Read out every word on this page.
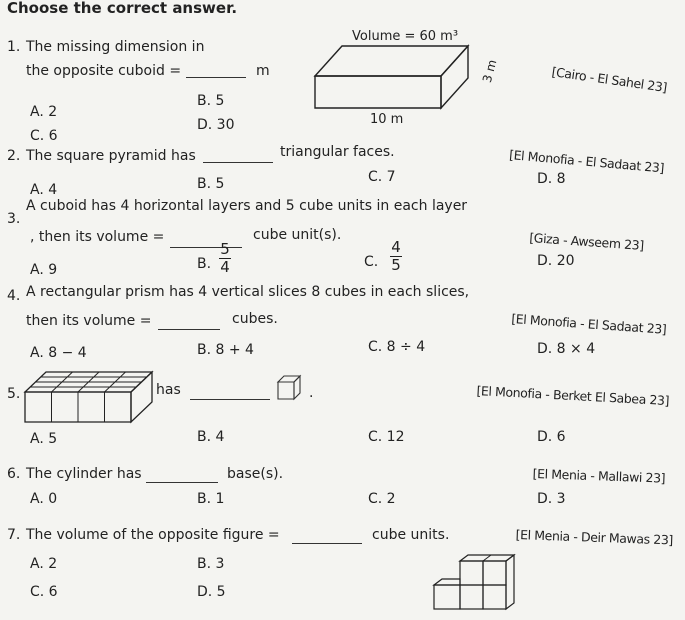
Choose the correct answer.
1. The missing dimension in
the opposite cuboid =	m	[Cairo - El Sahel 23]
Volume = 60 m³
3 m
10 m
A. 2
B. 5
C. 6
D. 30
2. The square pyramid has	triangular faces.	[El Monofia - El Sadaat 23]
A. 4	B. 5	C. 7	D. 8
3.
A cuboid has 4 horizontal layers and 5 cube units in each layer
, then its volume =	cube unit(s).	[Giza - Awseem 23]
A. 9	B.
5
4	C.
4
5	D. 20
4. A rectangular prism has 4 vertical slices 8 cubes in each slices,
then its volume =	cubes.	[El Monofia - El Sadaat 23]
A. 8 − 4	B. 8 + 4	C. 8 ÷ 4	D. 8 × 4
5.	has	.	[El Monofia - Berket El Sabea 23]
A. 5	B. 4	C. 12	D. 6
6. The cylinder has	base(s).	[El Menia - Mallawi 23]
A. 0	B. 1	C. 2	D. 3
7. The volume of the opposite figure =	cube units.	[El Menia - Deir Mawas 23]
A. 2	B. 3
C. 6	D. 5
